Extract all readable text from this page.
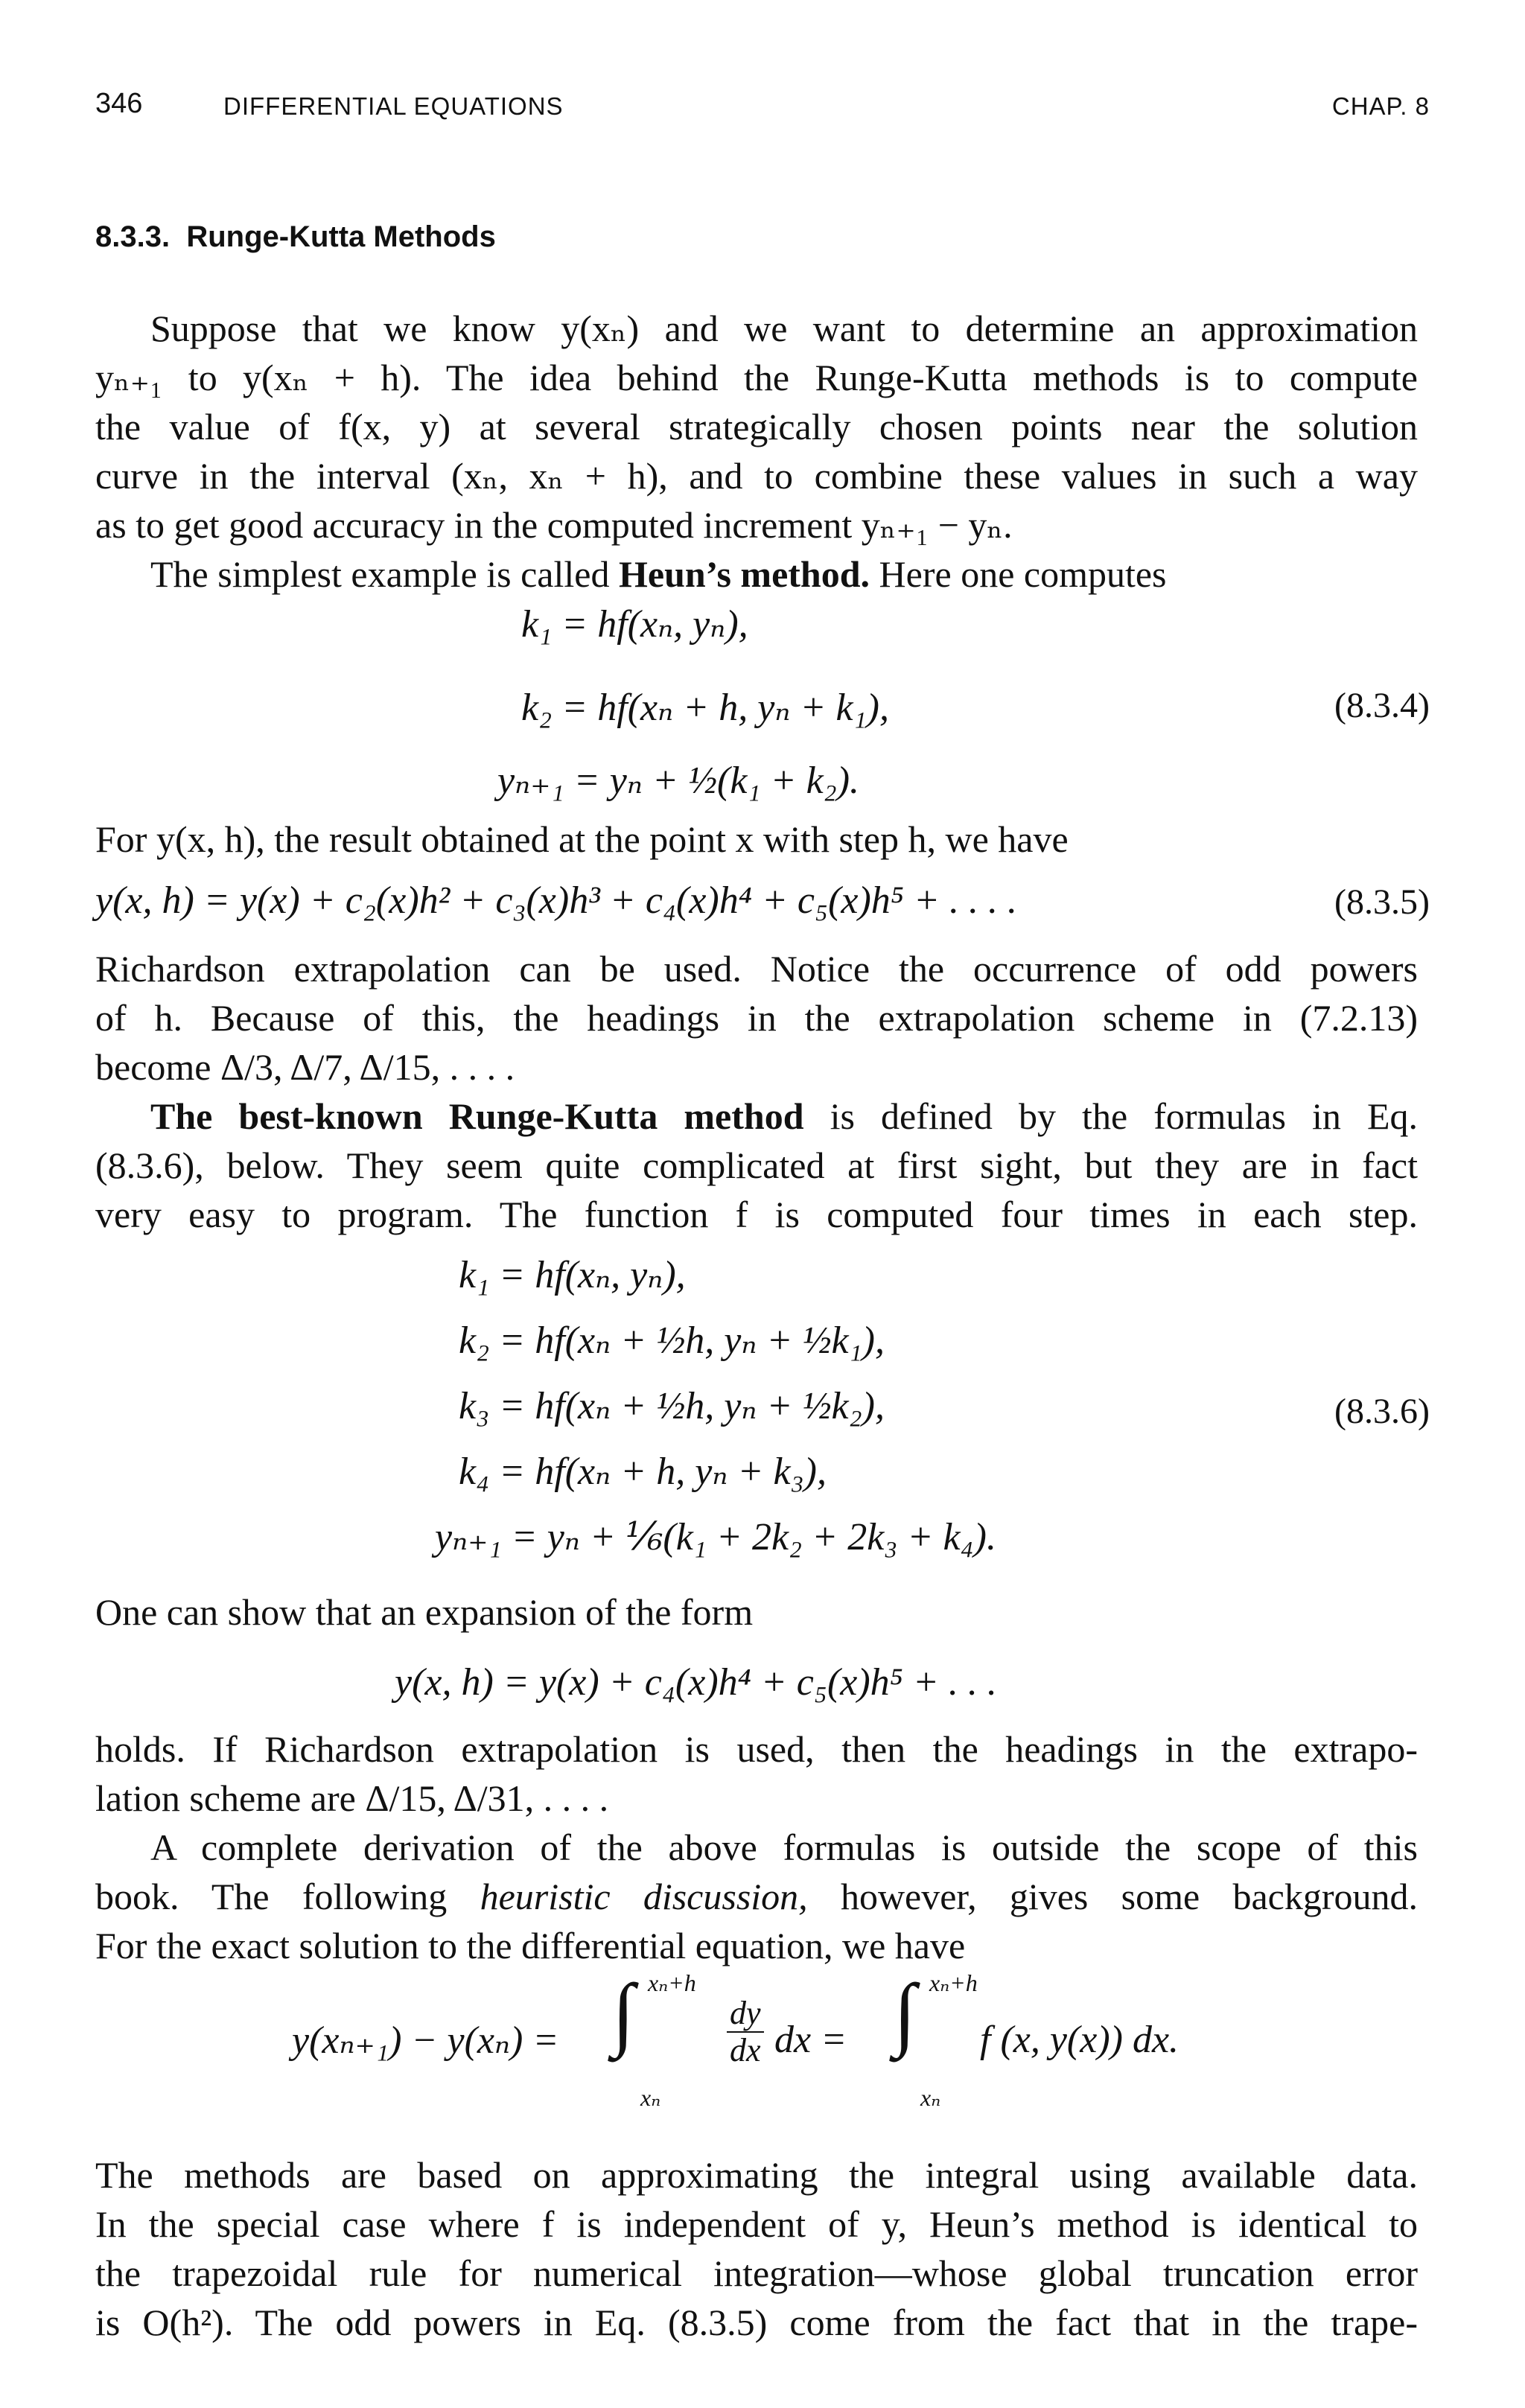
346	DIFFERENTIAL EQUATIONS	CHAP. 8
8.3.3. Runge-Kutta Methods
Suppose that we know y(xₙ) and we want to determine an approximation
yₙ₊₁ to y(xₙ + h). The idea behind the Runge-Kutta methods is to compute
the value of f(x, y) at several strategically chosen points near the solution
curve in the interval (xₙ, xₙ + h), and to combine these values in such a way
as to get good accuracy in the computed increment yₙ₊₁ − yₙ.
The simplest example is called Heun’s method. Here one computes
k₁ = hf(xₙ, yₙ),
k₂ = hf(xₙ + h, yₙ + k₁),
yₙ₊₁ = yₙ + ½(k₁ + k₂).
(8.3.4)
For y(x, h), the result obtained at the point x with step h, we have
y(x, h) = y(x) + c₂(x)h² + c₃(x)h³ + c₄(x)h⁴ + c₅(x)h⁵ + . . . .	(8.3.5)
Richardson extrapolation can be used. Notice the occurrence of odd powers
of h. Because of this, the headings in the extrapolation scheme in (7.2.13)
become Δ/3, Δ/7, Δ/15, . . . .
The best-known Runge-Kutta method is defined by the formulas in Eq.
(8.3.6), below. They seem quite complicated at first sight, but they are in fact
very easy to program. The function f is computed four times in each step.
k₁ = hf(xₙ, yₙ),
k₂ = hf(xₙ + ½h, yₙ + ½k₁),
k₃ = hf(xₙ + ½h, yₙ + ½k₂),
k₄ = hf(xₙ + h, yₙ + k₃),
yₙ₊₁ = yₙ + ⅙(k₁ + 2k₂ + 2k₃ + k₄).
(8.3.6)
One can show that an expansion of the form
y(x, h) = y(x) + c₄(x)h⁴ + c₅(x)h⁵ + . . .
holds. If Richardson extrapolation is used, then the headings in the extrapo-
lation scheme are Δ/15, Δ/31, . . . .
A complete derivation of the above formulas is outside the scope of this
book. The following heuristic discussion, however, gives some background.
For the exact solution to the differential equation, we have
y(xₙ₊₁) − y(xₙ) = ∫ xₙ+h
xₙ
dy
dx dx = ∫ xₙ+h
xₙ
f (x, y(x)) dx.
The methods are based on approximating the integral using available data.
In the special case where f is independent of y, Heun’s method is identical to
the trapezoidal rule for numerical integration—whose global truncation error
is O(h²). The odd powers in Eq. (8.3.5) come from the fact that in the trape-
